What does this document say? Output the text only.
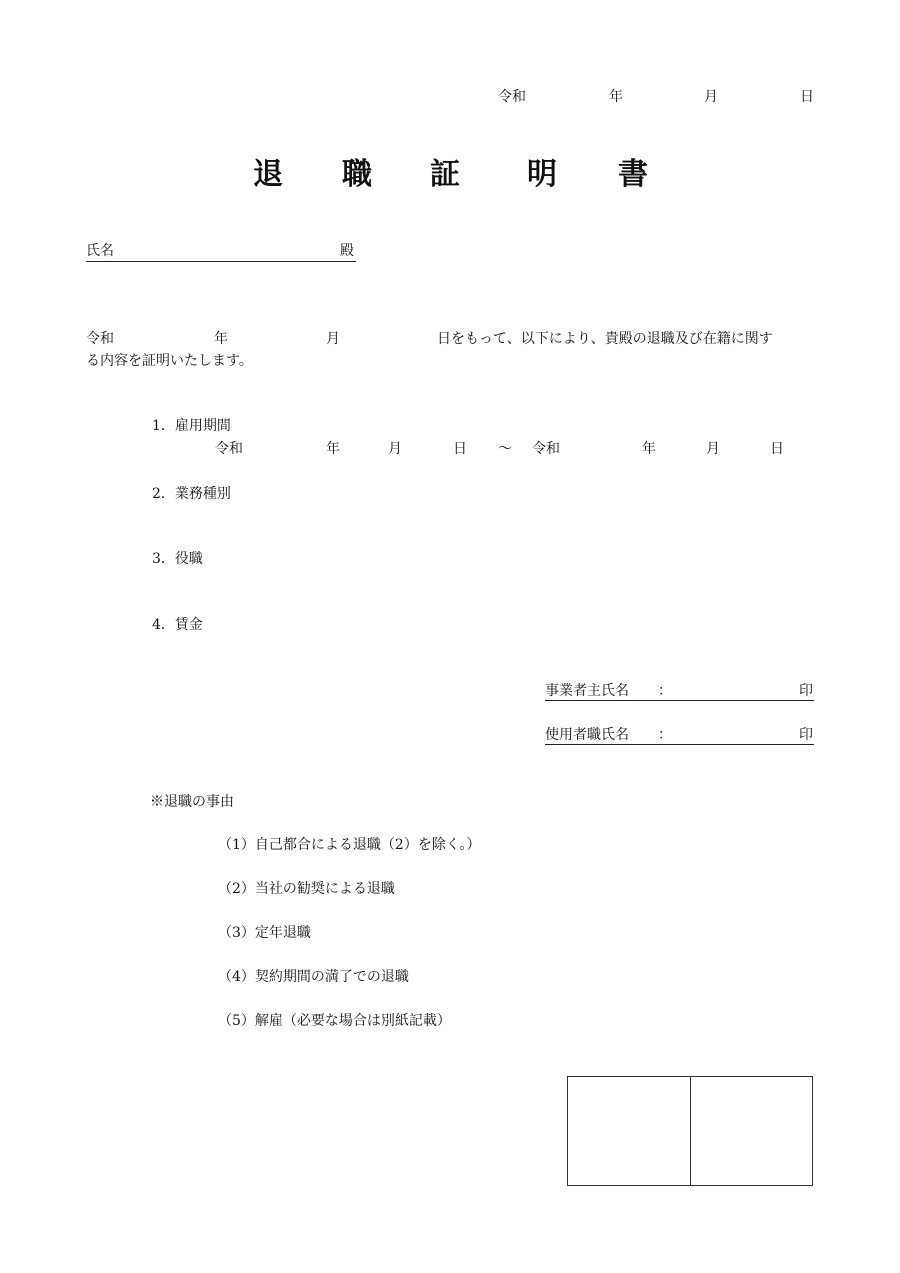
令和	年	月	日
退 職 証 明 書
氏名	殿
令和	年	月	日をもって、以下により、貴殿の退職及び在籍に関す
る内容を証明いたします。
1．雇用期間
令和	年	月	日 ～ 令和	年	月	日
2．業務種別
3．役職
4．賃金
事業者主氏名 ：	印
使用者職氏名 ：	印
※退職の事由
（1）自己都合による退職（2）を除く。）
（2）当社の勧奨による退職
（3）定年退職
（4）契約期間の満了での退職
（5）解雇（必要な場合は別紙記載）
